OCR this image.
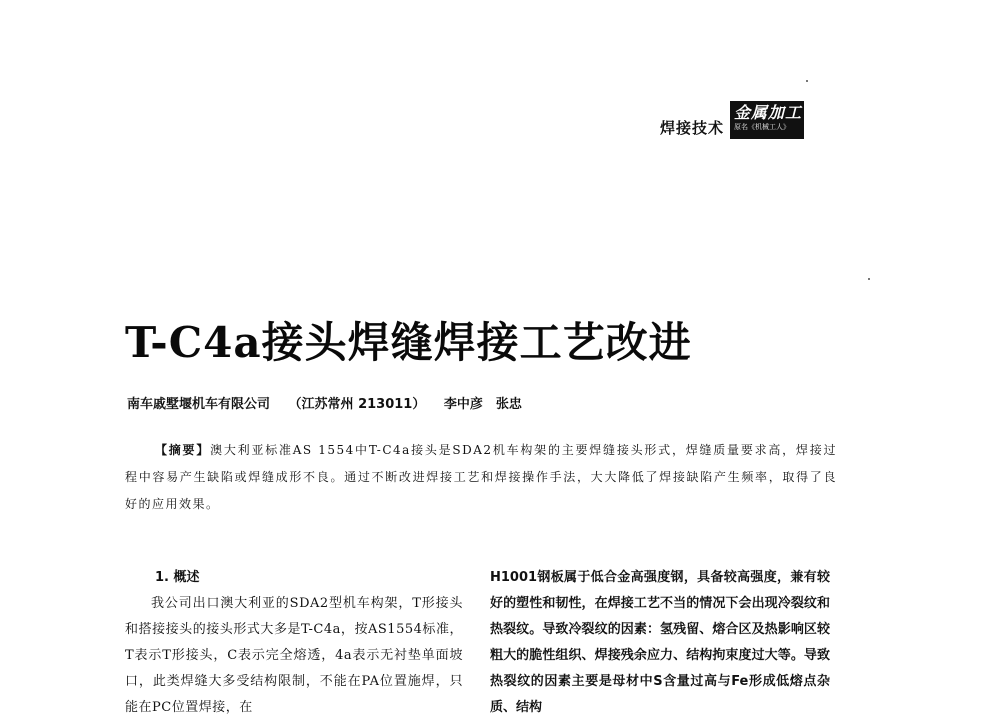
焊接技术
金属加工
原名《机械工人》
T-C4a接头焊缝焊接工艺改进
南车戚墅堰机车有限公司 （江苏常州 213011） 李中彦　张忠
【摘要】澳大利亚标准AS 1554中T-C4a接头是SDA2机车构架的主要焊缝接头形式，焊缝质量要求高，焊接过程中容易产生缺陷或焊缝成形不良。通过不断改进焊接工艺和焊接操作手法，大大降低了焊接缺陷产生频率，取得了良好的应用效果。
1. 概述
我公司出口澳大利亚的SDA2型机车构架，T形接头和搭接接头的接头形式大多是T-C4a，按AS1554标准，T表示T形接头，C表示完全熔透，4a表示无衬垫单面坡口，此类焊缝大多受结构限制，不能在PA位置施焊，只能在PC位置焊接，在
H1001钢板属于低合金高强度钢，具备较高强度，兼有较好的塑性和韧性，在焊接工艺不当的情况下会出现冷裂纹和热裂纹。导致冷裂纹的因素：氢残留、熔合区及热影响区较粗大的脆性组织、焊接残余应力、结构拘束度过大等。导致热裂纹的因素主要是母材中S含量过高与Fe形成低熔点杂质、结构
